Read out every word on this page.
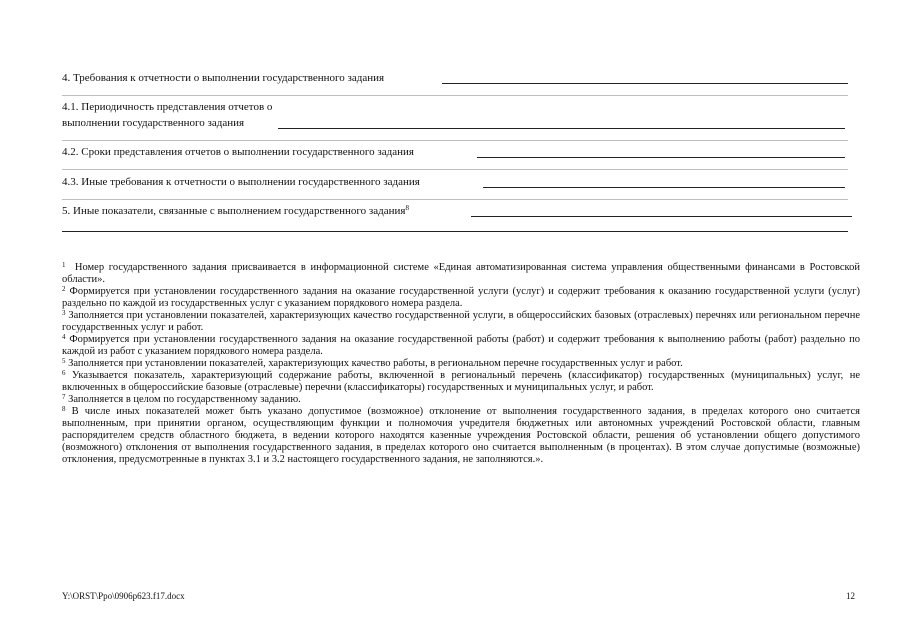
4. Требования к отчетности о выполнении государственного задания
4.1. Периодичность представления отчетов о
выполнении государственного задания
4.2. Сроки представления отчетов о выполнении государственного задания
4.3. Иные требования к отчетности о выполнении государственного задания
5. Иные показатели, связанные с выполнением государственного задания$^8$

$^1$ Номер государственного задания присваивается в информационной системе «Единая автоматизированная система управления общественными финансами в Ростовской области».

$^2$ Формируется при установлении государственного задания на оказание государственной услуги (услуг) и содержит требования к оказанию государственной услуги (услуг) раздельно по каждой из государственных услуг с указанием порядкового номера раздела.

$^3$ Заполняется при установлении показателей, характеризующих качество государственной услуги, в общероссийских базовых (отраслевых) перечнях или региональном перечне государственных услуг и работ.

$^4$ Формируется при установлении государственного задания на оказание государственной работы (работ) и содержит требования к выполнению работы (работ) раздельно по каждой из работ с указанием порядкового номера раздела.

$^5$ Заполняется при установлении показателей, характеризующих качество работы, в региональном перечне государственных услуг и работ.

$^6$ Указывается показатель, характеризующий содержание работы, включенной в региональный перечень (классификатор) государственных (муниципальных) услуг, не включенных в общероссийские базовые (отраслевые) перечни (классификаторы) государственных и муниципальных услуг, и работ.

$^7$ Заполняется в целом по государственному заданию.

$^8$ В числе иных показателей может быть указано допустимое (возможное) отклонение от выполнения государственного задания, в пределах которого оно считается выполненным, при принятии органом, осуществляющим функции и полномочия учредителя бюджетных или автономных учреждений Ростовской области, главным распорядителем средств областного бюджета, в ведении которого находятся казенные учреждения Ростовской области, решения об установлении общего допустимого (возможного) отклонения от выполнения государственного задания, в пределах которого оно считается выполненным (в процентах). В этом случае допустимые (возможные) отклонения, предусмотренные в пунктах 3.1 и 3.2 настоящего государственного задания, не заполняются.».

Y:\ORST\Ppo\0906p623.f17.docx	12
